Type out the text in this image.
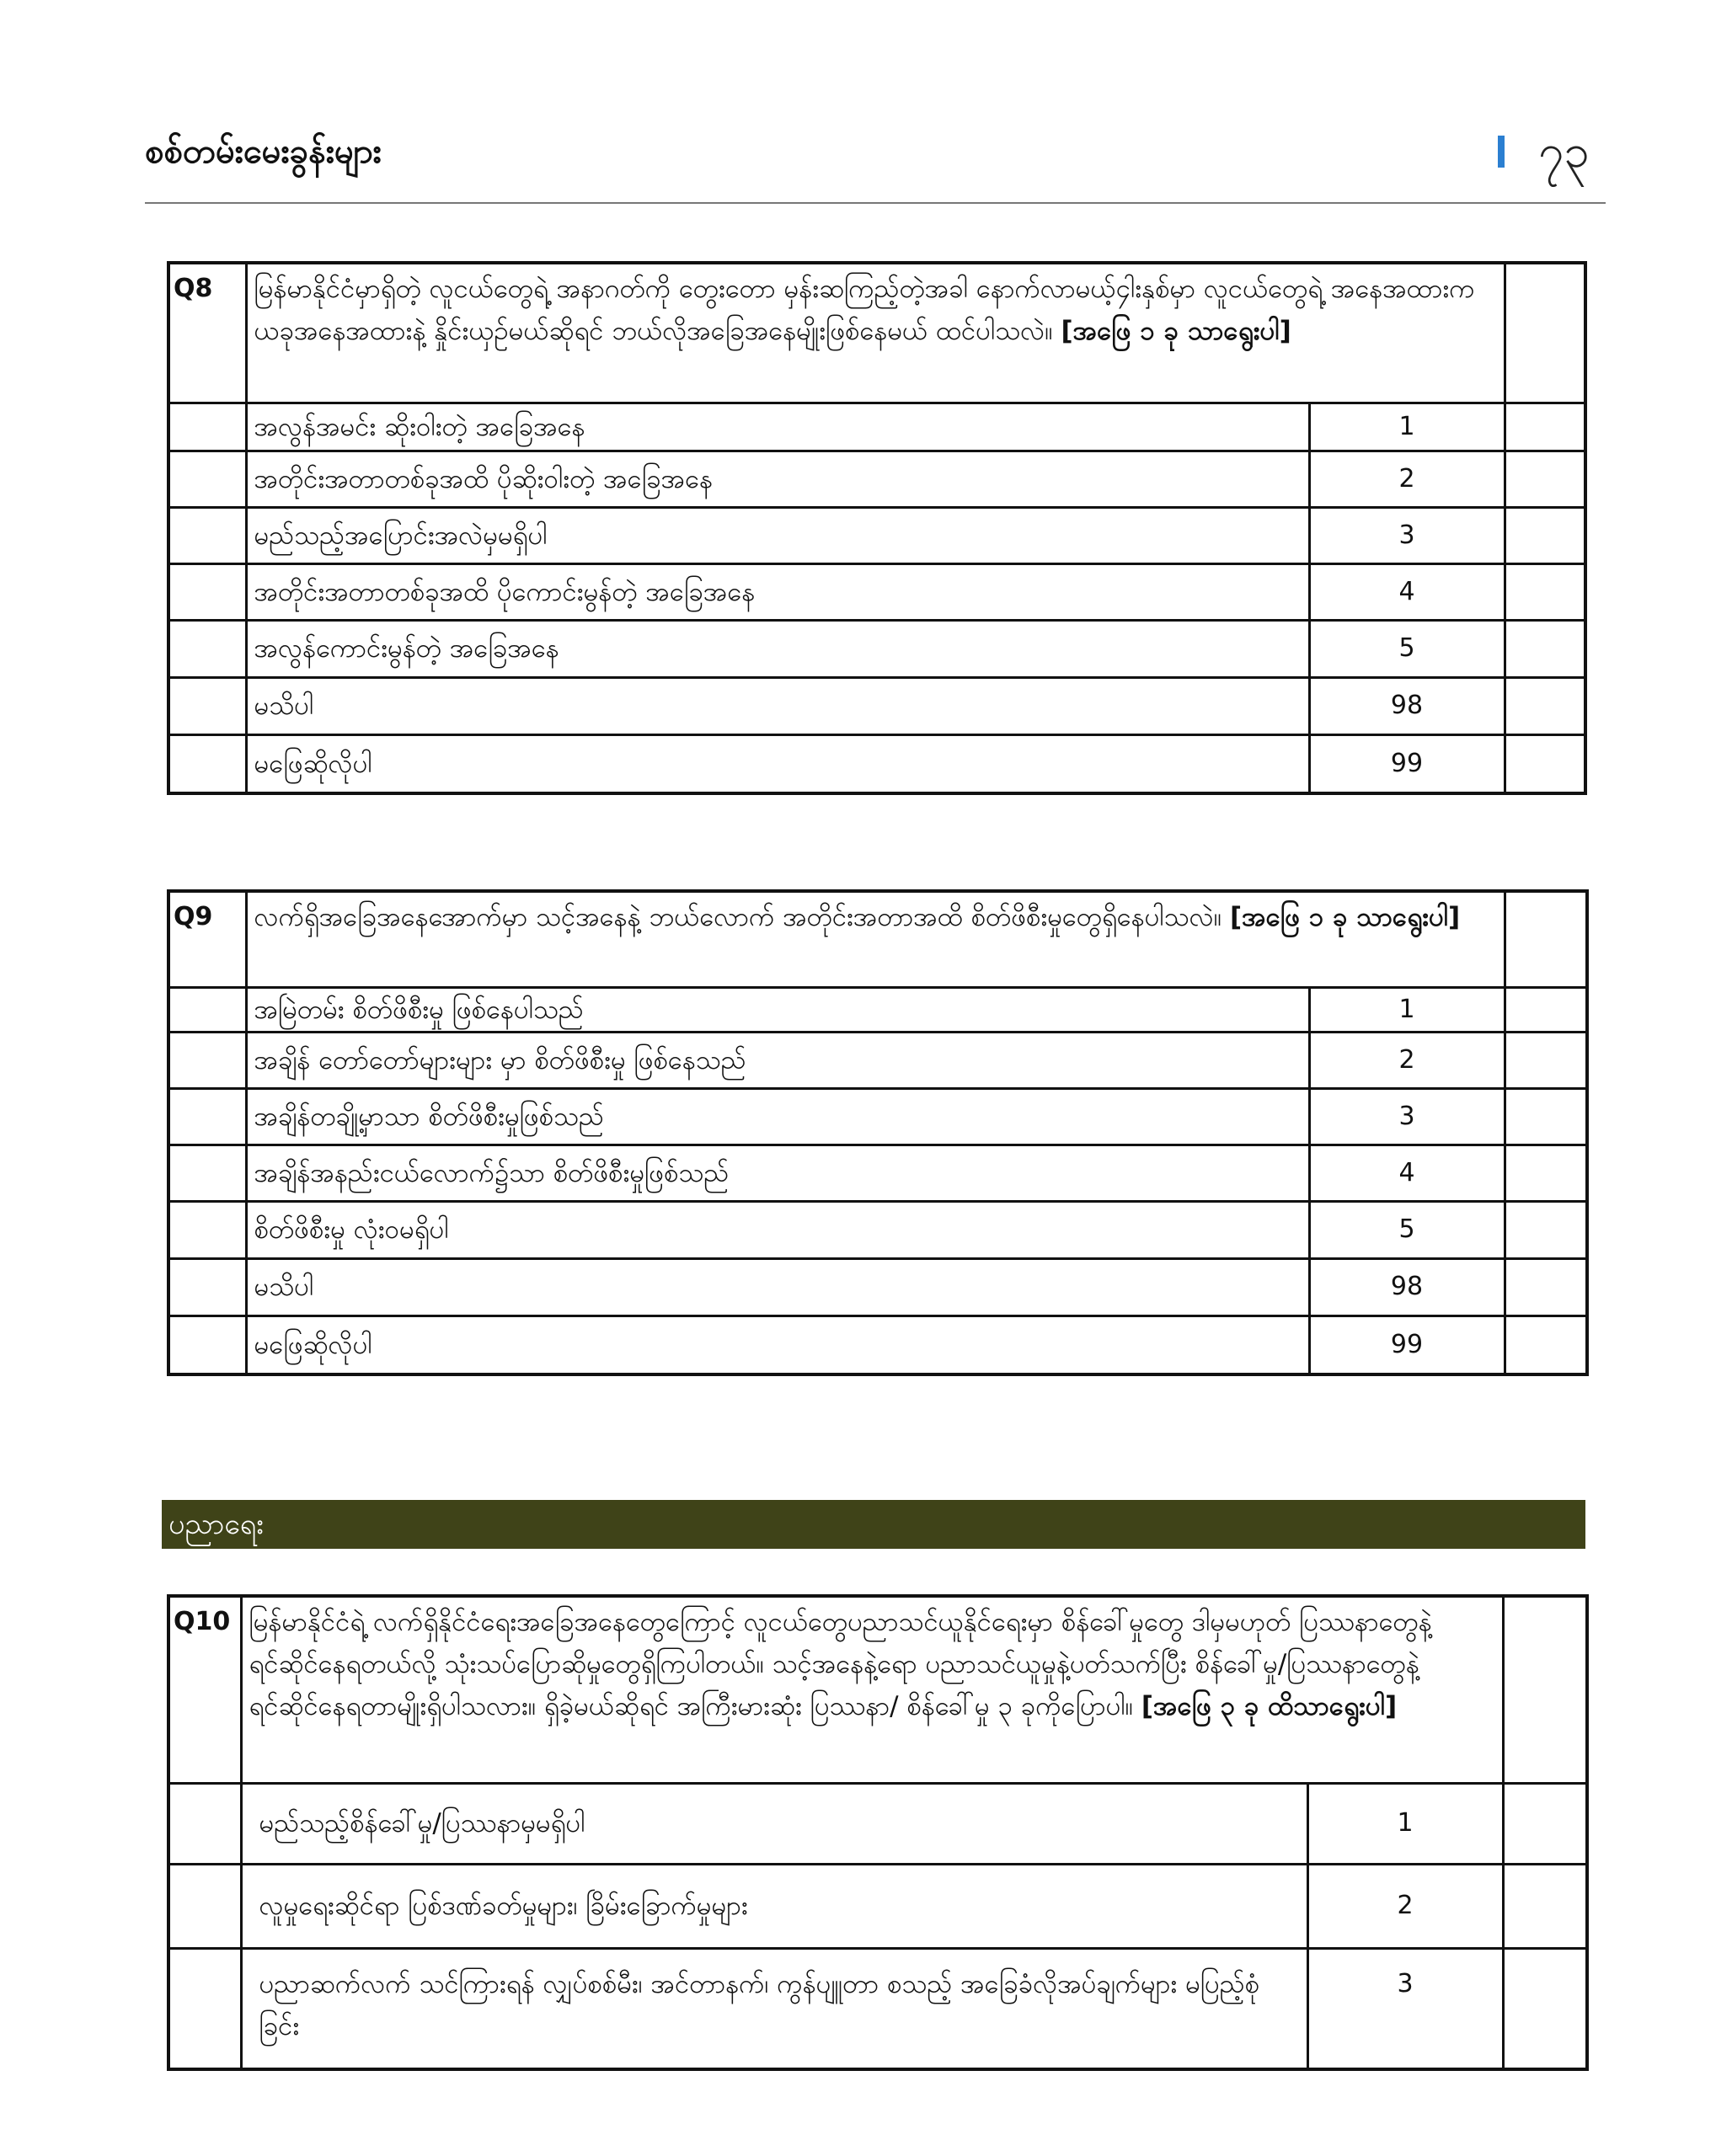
စစ်တမ်းမေးခွန်းများ	၇၃
Q8	မြန်မာနိုင်ငံမှာရှိတဲ့ လူငယ်တွေရဲ့ အနာဂတ်ကို တွေးတော မှန်းဆကြည့်တဲ့အခါ နောက်လာမယ့်၄ါးနှစ်မှာ လူငယ်တွေရဲ့ အနေအထားက ယခုအနေအထားနဲ့ နှိုင်းယှဉ်မယ်ဆိုရင် ဘယ်လိုအခြေအနေမျိုးဖြစ်နေမယ် ထင်ပါသလဲ။ [အဖြေ ၁ ခု သာရွေးပါ]		
	အလွန်အမင်း ဆိုးဝါးတဲ့ အခြေအနေ	1	
	အတိုင်းအတာတစ်ခုအထိ ပိုဆိုးဝါးတဲ့ အခြေအနေ	2	
	မည်သည့်အပြောင်းအလဲမှမရှိပါ	3	
	အတိုင်းအတာတစ်ခုအထိ ပိုကောင်းမွန်တဲ့ အခြေအနေ	4	
	အလွန်ကောင်းမွန်တဲ့ အခြေအနေ	5	
	မသိပါ	98	
	မဖြေဆိုလိုပါ	99	
Q9	လက်ရှိအခြေအနေအောက်မှာ သင့်အနေနဲ့ ဘယ်လောက် အတိုင်းအတာအထိ စိတ်ဖိစီးမှုတွေရှိနေပါသလဲ။ [အဖြေ ၁ ခု သာရွေးပါ]		
	အမြဲတမ်း စိတ်ဖိစီးမှု ဖြစ်နေပါသည်	1	
	အချိန် တော်တော်များများ မှာ စိတ်ဖိစီးမှု ဖြစ်နေသည်	2	
	အချိန်တချို့မှာသာ စိတ်ဖိစီးမှုဖြစ်သည်	3	
	အချိန်အနည်းငယ်လောက်၌သာ စိတ်ဖိစီးမှုဖြစ်သည်	4	
	စိတ်ဖိစီးမှု လုံးဝမရှိပါ	5	
	မသိပါ	98	
	မဖြေဆိုလိုပါ	99	
ပညာရေး
Q10	မြန်မာနိုင်ငံရဲ့ လက်ရှိနိုင်ငံရေးအခြေအနေတွေကြောင့် လူငယ်တွေပညာသင်ယူနိုင်ရေးမှာ စိန်ခေါ်မှုတွေ ဒါမှမဟုတ် ပြဿနာတွေနဲ့ ရင်ဆိုင်နေရတယ်လို့ သုံးသပ်ပြောဆိုမှုတွေရှိကြပါတယ်။ သင့်အနေနဲ့ရော ပညာသင်ယူမှုနဲ့ပတ်သက်ပြီး စိန်ခေါ်မှု/ပြဿနာတွေနဲ့ ရင်ဆိုင်နေရတာမျိုးရှိပါသလား။ ရှိခဲ့မယ်ဆိုရင် အကြီးမားဆုံး ပြဿနာ/ စိန်ခေါ်မှု ၃ ခုကိုပြောပါ။ [အဖြေ ၃ ခု ထိသာရွေးပါ]		
	မည်သည့်စိန်ခေါ်မှု/ပြဿနာမှမရှိပါ	1	
	လူမှုရေးဆိုင်ရာ ပြစ်ဒဏ်ခတ်မှုများ၊ ခြိမ်းခြောက်မှုများ	2	
	ပညာဆက်လက် သင်ကြားရန် လျှပ်စစ်မီး၊ အင်တာနက်၊ ကွန်ပျူတာ စသည့် အခြေခံလိုအပ်ချက်များ မပြည့်စုံခြင်း	3	
